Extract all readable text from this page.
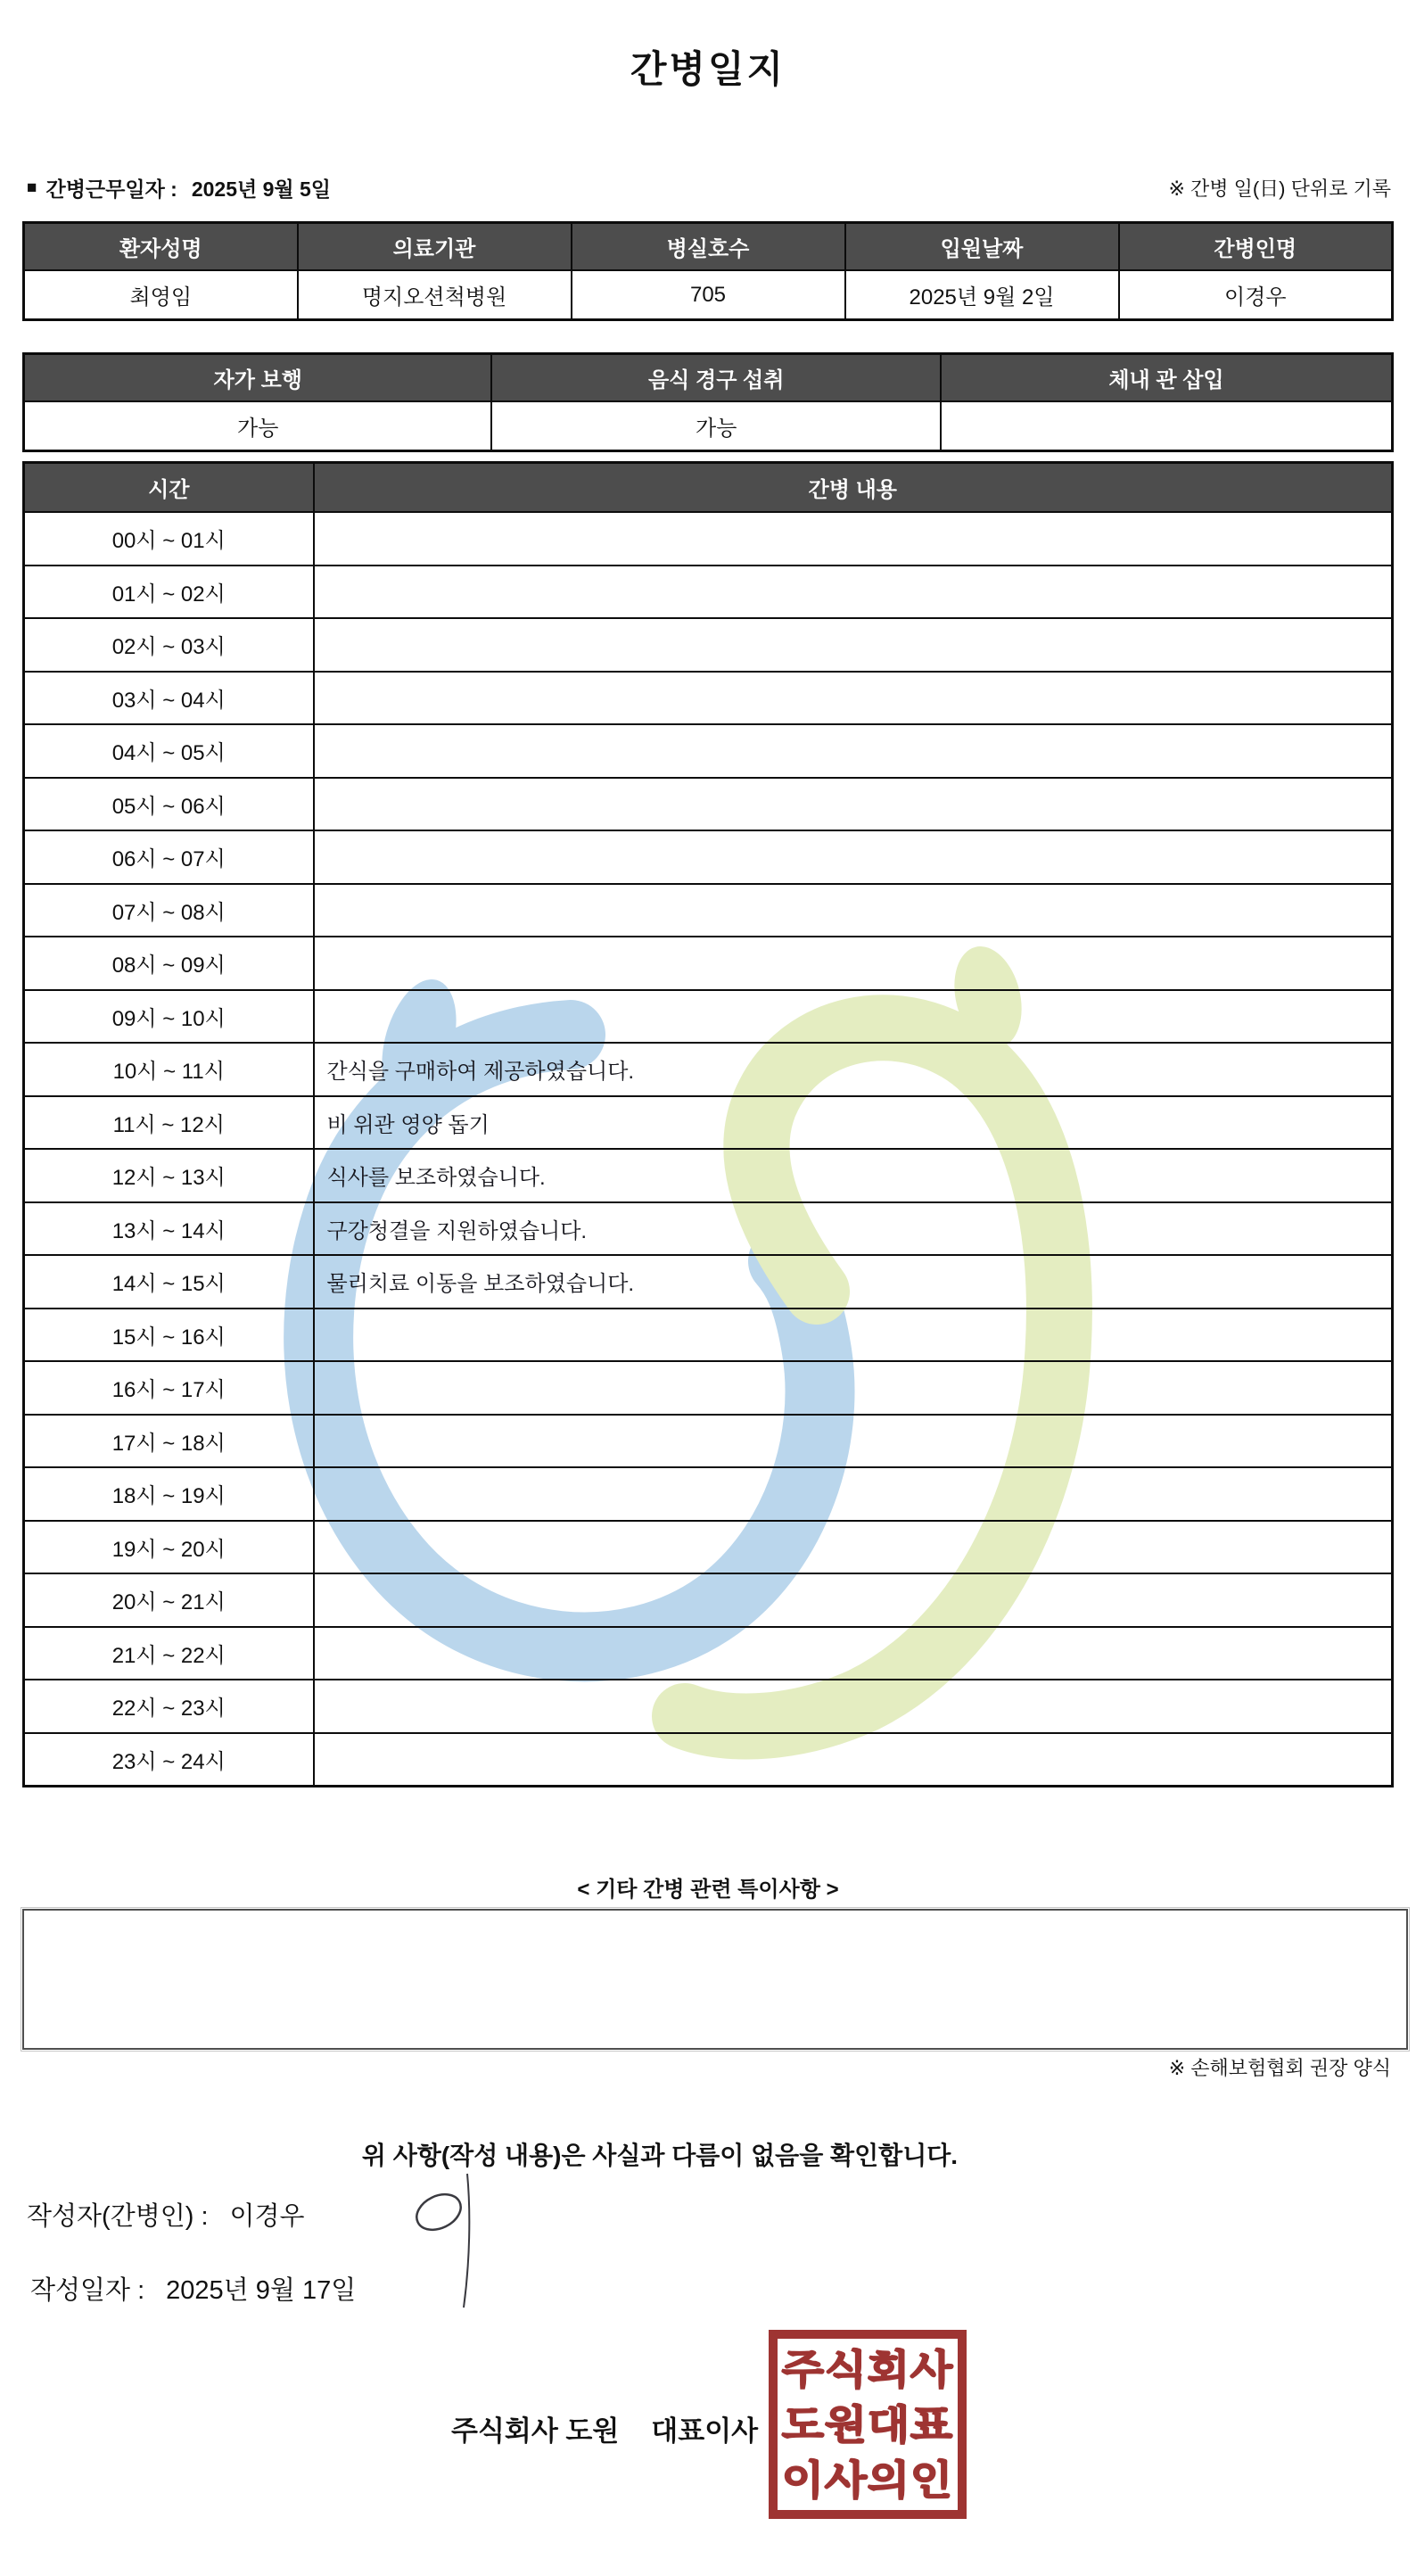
간병일지
■ 간병근무일자 : 2025년 9월 5일	※ 간병 일(日) 단위로 기록
환자성명	의료기관	병실호수	입원날짜	간병인명
최영임	명지오션척병원	705	2025년 9월 2일	이경우
자가 보행	음식 경구 섭취	체내 관 삽입
가능	가능	
시간	간병 내용
00시 ~ 01시	
01시 ~ 02시	
02시 ~ 03시	
03시 ~ 04시	
04시 ~ 05시	
05시 ~ 06시	
06시 ~ 07시	
07시 ~ 08시	
08시 ~ 09시	
09시 ~ 10시	
10시 ~ 11시	간식을 구매하여 제공하였습니다.
11시 ~ 12시	비 위관 영양 돕기
12시 ~ 13시	식사를 보조하였습니다.
13시 ~ 14시	구강청결을 지원하였습니다.
14시 ~ 15시	물리치료 이동을 보조하였습니다.
15시 ~ 16시	
16시 ~ 17시	
17시 ~ 18시	
18시 ~ 19시	
19시 ~ 20시	
20시 ~ 21시	
21시 ~ 22시	
22시 ~ 23시	
23시 ~ 24시	
< 기타 간병 관련 특이사항 >
※ 손해보험협회 권장 양식
위 사항(작성 내용)은 사실과 다름이 없음을 확인합니다.
작성자(간병인) : 이경우
작성일자 : 2025년 9월 17일
주식회사 도원 대표이사
주식회사
도원대표
이사의인
